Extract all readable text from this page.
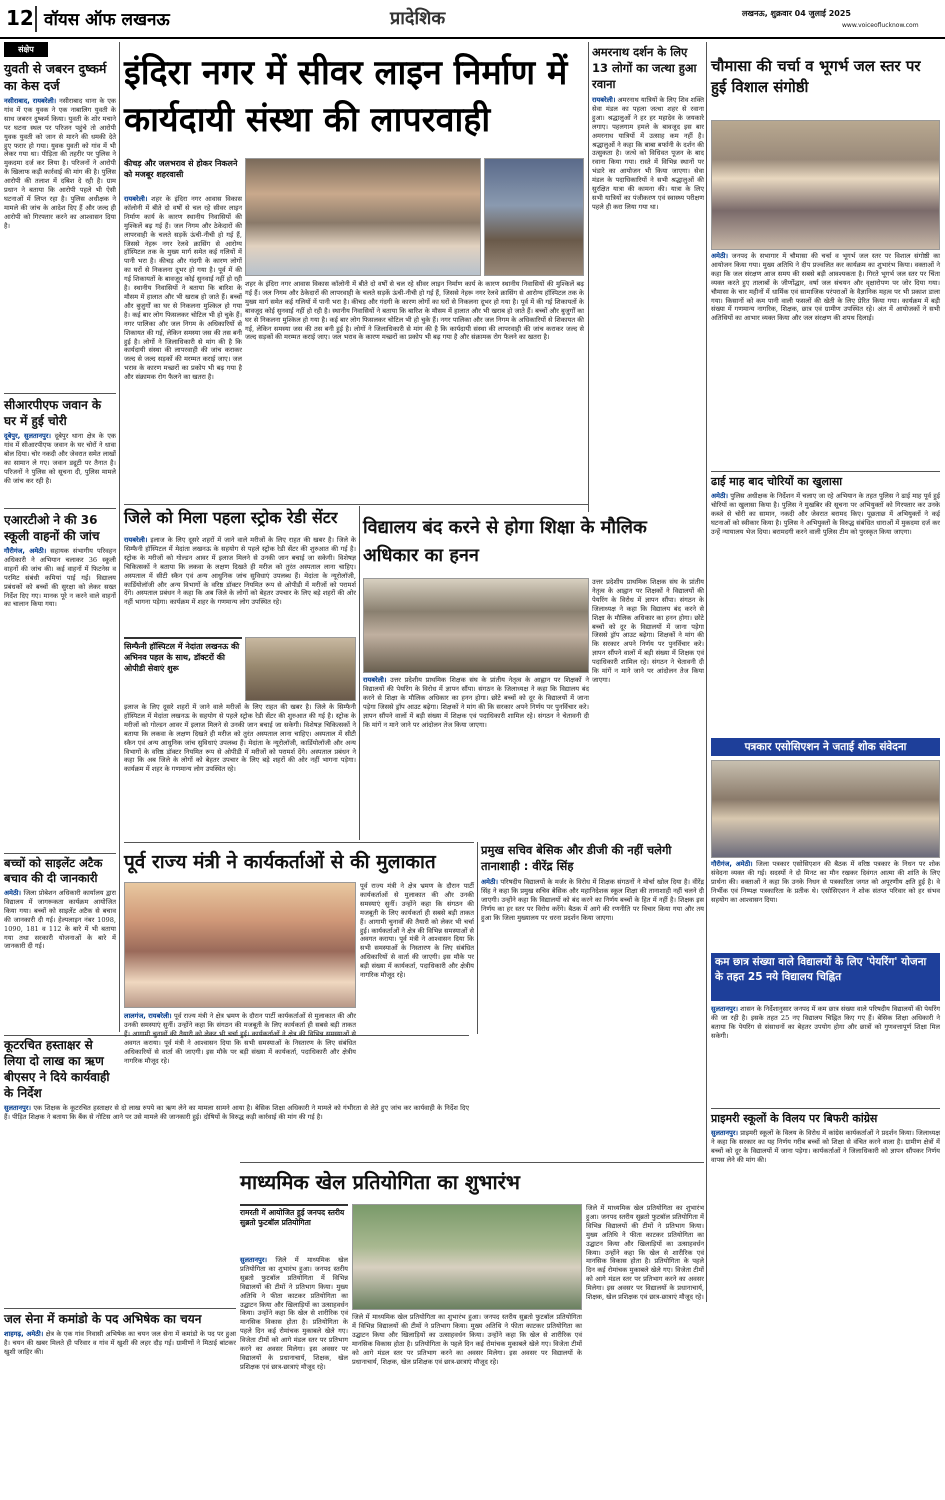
12 वॉयस ऑफ लखनऊ	प्रादेशिक	लखनऊ, शुक्रवार 04 जुलाई 2025
www.voiceoflucknow.com
संक्षेप
युवती से जबरन दुष्कर्म का केस दर्ज
नसीराबाद, रायबरेली। नसीराबाद थाना के एक गांव में एक युवक ने एक नाबालिग युवती के साथ जबरन दुष्कर्म किया। युवती के शोर मचाने पर घटना स्थल पर परिजन पहुंचे तो आरोपी युवक युवती को जान से मारने की धमकी देते हुए फरार हो गया। युवक युवती को गांव में भी लेकर गया था। पीड़िता की तहरीर पर पुलिस ने मुकदमा दर्ज कर लिया है। परिजनों ने आरोपी के खिलाफ कड़ी कार्रवाई की मांग की है। पुलिस आरोपी की तलाश में दबिश दे रही है। ग्राम प्रधान ने बताया कि आरोपी पहले भी ऐसी घटनाओं में लिप्त रहा है। पुलिस अधीक्षक ने मामले की जांच के आदेश दिए हैं और जल्द ही आरोपी को गिरफ्तार करने का आश्वासन दिया है।
सीआरपीएफ जवान के घर में हुई चोरी
दूबेपुर, सुलतानपुर। दूबेपुर थाना क्षेत्र के एक गांव में सीआरपीएफ जवान के घर चोरों ने धावा बोल दिया। चोर नकदी और जेवरात समेत लाखों का सामान ले गए। जवान ड्यूटी पर तैनात है। परिजनों ने पुलिस को सूचना दी, पुलिस मामले की जांच कर रही है।
एआरटीओ ने की 36 स्कूली वाहनों की जांच
गौरीगंज, अमेठी। सहायक संभागीय परिवहन अधिकारी ने अभियान चलाकर 36 स्कूली वाहनों की जांच की। कई वाहनों में फिटनेस व परमिट संबंधी कमियां पाई गईं। विद्यालय प्रबंधकों को बच्चों की सुरक्षा को लेकर सख्त निर्देश दिए गए। मानक पूरे न करने वाले वाहनों का चालान किया गया।
बच्चों को साइलेंट अटैक बचाव की दी जानकारी
अमेठी। जिला प्रोबेशन अधिकारी कार्यालय द्वारा विद्यालय में जागरूकता कार्यक्रम आयोजित किया गया। बच्चों को साइलेंट अटैक से बचाव की जानकारी दी गई। हेल्पलाइन नंबर 1098, 1090, 181 व 112 के बारे में भी बताया गया तथा सरकारी योजनाओं के बारे में जानकारी दी गई।
कूटरचित हस्ताक्षर से लिया दो लाख का ऋण बीएसए ने दिये कार्यवाही के निर्देश
सुलतानपुर। एक शिक्षक के कूटरचित हस्ताक्षर से दो लाख रुपये का ऋण लेने का मामला सामने आया है। बेसिक शिक्षा अधिकारी ने मामले को गंभीरता से लेते हुए जांच कर कार्यवाही के निर्देश दिए हैं। पीड़ित शिक्षक ने बताया कि बैंक से नोटिस आने पर उसे मामले की जानकारी हुई। दोषियों के विरुद्ध कड़ी कार्रवाई की मांग की गई है।
जल सेना में कमांडो के पद अभिषेक का चयन
शाहगढ़, अमेठी। क्षेत्र के एक गांव निवासी अभिषेक का चयन जल सेना में कमांडो के पद पर हुआ है। चयन की खबर मिलते ही परिवार व गांव में खुशी की लहर दौड़ गई। ग्रामीणों ने मिठाई बांटकर खुशी जाहिर की।
इंदिरा नगर में सीवर लाइन निर्माण में कार्यदायी संस्था की लापरवाही
कीचड़ और जलभराव से होकर निकलने को मजबूर शहरवासी
रायबरेली। शहर के इंदिरा नगर आवास विकास कॉलोनी में बीते दो वर्षों से चल रहे सीवर लाइन निर्माण कार्य के कारण स्थानीय निवासियों की मुश्किलें बढ़ गई हैं। जल निगम और ठेकेदारों की लापरवाही के चलते सड़कें ऊंची-नीची हो गई हैं, जिससे नेहरू नगर रेलवे क्रासिंग से आरोग्य हॉस्पिटल तक के मुख्य मार्ग समेत कई गलियों में पानी भरा है। कीचड़ और गंदगी के कारण लोगों का घरों से निकलना दूभर हो गया है। पूर्व में की गई शिकायतों के बावजूद कोई सुनवाई नहीं हो रही है। स्थानीय निवासियों ने बताया कि बारिश के मौसम में हालात और भी खराब हो जाते हैं। बच्चों और बुजुर्गों का घर से निकलना मुश्किल हो गया है। कई बार लोग फिसलकर चोटिल भी हो चुके हैं। नगर पालिका और जल निगम के अधिकारियों से शिकायत की गई, लेकिन समस्या जस की तस बनी हुई है। लोगों ने जिलाधिकारी से मांग की है कि कार्यदायी संस्था की लापरवाही की जांच कराकर जल्द से जल्द सड़कों की मरम्मत कराई जाए। जल भराव के कारण मच्छरों का प्रकोप भी बढ़ गया है और संक्रामक रोग फैलने का खतरा है।
शहर के इंदिरा नगर आवास विकास कॉलोनी में बीते दो वर्षों से चल रहे सीवर लाइन निर्माण कार्य के कारण स्थानीय निवासियों की मुश्किलें बढ़ गई हैं। जल निगम और ठेकेदारों की लापरवाही के चलते सड़कें ऊंची-नीची हो गई हैं, जिससे नेहरू नगर रेलवे क्रासिंग से आरोग्य हॉस्पिटल तक के मुख्य मार्ग समेत कई गलियों में पानी भरा है। कीचड़ और गंदगी के कारण लोगों का घरों से निकलना दूभर हो गया है। पूर्व में की गई शिकायतों के बावजूद कोई सुनवाई नहीं हो रही है। स्थानीय निवासियों ने बताया कि बारिश के मौसम में हालात और भी खराब हो जाते हैं। बच्चों और बुजुर्गों का घर से निकलना मुश्किल हो गया है। कई बार लोग फिसलकर चोटिल भी हो चुके हैं। नगर पालिका और जल निगम के अधिकारियों से शिकायत की गई, लेकिन समस्या जस की तस बनी हुई है। लोगों ने जिलाधिकारी से मांग की है कि कार्यदायी संस्था की लापरवाही की जांच कराकर जल्द से जल्द सड़कों की मरम्मत कराई जाए। जल भराव के कारण मच्छरों का प्रकोप भी बढ़ गया है और संक्रामक रोग फैलने का खतरा है।
अमरनाथ दर्शन के लिए 13 लोगों का जत्था हुआ रवाना
रायबरेली। अमरनाथ यात्रियों के लिए शिव शक्ति सेवा मंडल का पहला जत्था शहर से रवाना हुआ। श्रद्धालुओं ने हर हर महादेव के जयकारे लगाए। पहलगाम हमले के बावजूद इस बार अमरनाथ यात्रियों में उत्साह कम नहीं है। श्रद्धालुओं ने कहा कि बाबा बर्फानी के दर्शन की उत्सुकता है। जत्थे को विधिवत पूजन के बाद रवाना किया गया। रास्ते में विभिन्न स्थानों पर भंडारे का आयोजन भी किया जाएगा। सेवा मंडल के पदाधिकारियों ने सभी श्रद्धालुओं की सुरक्षित यात्रा की कामना की। यात्रा के लिए सभी यात्रियों का पंजीकरण एवं स्वास्थ्य परीक्षण पहले ही करा लिया गया था।
चौमासा की चर्चा व भूगर्भ जल स्तर पर हुई विशाल संगोष्ठी
अमेठी। जनपद के सभागार में चौमासा की चर्चा व भूगर्भ जल स्तर पर विशाल संगोष्ठी का आयोजन किया गया। मुख्य अतिथि ने दीप प्रज्वलित कर कार्यक्रम का शुभारंभ किया। वक्ताओं ने कहा कि जल संरक्षण आज समय की सबसे बड़ी आवश्यकता है। गिरते भूगर्भ जल स्तर पर चिंता व्यक्त करते हुए तालाबों के जीर्णोद्धार, वर्षा जल संचयन और वृक्षारोपण पर जोर दिया गया। चौमासा के चार महीनों में धार्मिक एवं सामाजिक परंपराओं के वैज्ञानिक महत्व पर भी प्रकाश डाला गया। किसानों को कम पानी वाली फसलों की खेती के लिए प्रेरित किया गया। कार्यक्रम में बड़ी संख्या में गणमान्य नागरिक, शिक्षक, छात्र एवं ग्रामीण उपस्थित रहे। अंत में आयोजकों ने सभी अतिथियों का आभार व्यक्त किया और जल संरक्षण की शपथ दिलाई।
ढाई माह बाद चोरियों का खुलासा
अमेठी। पुलिस अधीक्षक के निर्देशन में चलाए जा रहे अभियान के तहत पुलिस ने ढाई माह पूर्व हुई चोरियों का खुलासा किया है। पुलिस ने मुखबिर की सूचना पर अभियुक्तों को गिरफ्तार कर उनके कब्जे से चोरी का सामान, नकदी और जेवरात बरामद किए। पूछताछ में अभियुक्तों ने कई घटनाओं को स्वीकार किया है। पुलिस ने अभियुक्तों के विरुद्ध संबंधित धाराओं में मुकदमा दर्ज कर उन्हें न्यायालय भेज दिया। बरामदगी करने वाली पुलिस टीम को पुरस्कृत किया जाएगा।
पत्रकार एसोसिएशन ने जताई शोक संवेदना
गौरीगंज, अमेठी। जिला पत्रकार एसोसिएशन की बैठक में वरिष्ठ पत्रकार के निधन पर शोक संवेदना व्यक्त की गई। सदस्यों ने दो मिनट का मौन रखकर दिवंगत आत्मा की शांति के लिए प्रार्थना की। वक्ताओं ने कहा कि उनके निधन से पत्रकारिता जगत को अपूरणीय क्षति हुई है। वे निर्भीक एवं निष्पक्ष पत्रकारिता के प्रतीक थे। एसोसिएशन ने शोक संतप्त परिवार को हर संभव सहयोग का आश्वासन दिया।
कम छात्र संख्या वाले विद्यालयों के लिए 'पेयरिंग' योजना के तहत 25 नये विद्यालय चिह्नित
सुलतानपुर। शासन के निर्देशानुसार जनपद में कम छात्र संख्या वाले परिषदीय विद्यालयों की पेयरिंग की जा रही है। इसके तहत 25 नए विद्यालय चिह्नित किए गए हैं। बेसिक शिक्षा अधिकारी ने बताया कि पेयरिंग से संसाधनों का बेहतर उपयोग होगा और छात्रों को गुणवत्तापूर्ण शिक्षा मिल सकेगी।
प्राइमरी स्कूलों के विलय पर बिफरी कांग्रेस
सुलतानपुर। प्राइमरी स्कूलों के विलय के विरोध में कांग्रेस कार्यकर्ताओं ने प्रदर्शन किया। जिलाध्यक्ष ने कहा कि सरकार का यह निर्णय गरीब बच्चों को शिक्षा से वंचित करने वाला है। ग्रामीण क्षेत्रों में बच्चों को दूर के विद्यालयों में जाना पड़ेगा। कार्यकर्ताओं ने जिलाधिकारी को ज्ञापन सौंपकर निर्णय वापस लेने की मांग की।
जिले को मिला पहला स्ट्रोक रेडी सेंटर
रायबरेली। इलाज के लिए दूसरे शहरों में जाने वाले मरीजों के लिए राहत की खबर है। जिले के सिम्फैनी हॉस्पिटल में मेदांता लखनऊ के सहयोग से पहले स्ट्रोक रेडी सेंटर की शुरुआत की गई है। स्ट्रोक के मरीजों को गोल्डन आवर में इलाज मिलने से उनकी जान बचाई जा सकेगी। विशेषज्ञ चिकित्सकों ने बताया कि लकवा के लक्षण दिखते ही मरीज को तुरंत अस्पताल लाना चाहिए। अस्पताल में सीटी स्कैन एवं अन्य आधुनिक जांच सुविधाएं उपलब्ध हैं। मेदांता के न्यूरोलॉजी, कार्डियोलॉजी और अन्य विभागों के वरिष्ठ डॉक्टर नियमित रूप से ओपीडी में मरीजों को परामर्श देंगे। अस्पताल प्रबंधन ने कहा कि अब जिले के लोगों को बेहतर उपचार के लिए बड़े शहरों की ओर नहीं भागना पड़ेगा। कार्यक्रम में शहर के गणमान्य लोग उपस्थित रहे।
सिम्फैनी हॉस्पिटल में नेदांता लखनऊ की अभिनव पहल के साथ, डॉक्टरों की ओपीडी सेवाएं शुरू
इलाज के लिए दूसरे शहरों में जाने वाले मरीजों के लिए राहत की खबर है। जिले के सिम्फैनी हॉस्पिटल में मेदांता लखनऊ के सहयोग से पहले स्ट्रोक रेडी सेंटर की शुरुआत की गई है। स्ट्रोक के मरीजों को गोल्डन आवर में इलाज मिलने से उनकी जान बचाई जा सकेगी। विशेषज्ञ चिकित्सकों ने बताया कि लकवा के लक्षण दिखते ही मरीज को तुरंत अस्पताल लाना चाहिए। अस्पताल में सीटी स्कैन एवं अन्य आधुनिक जांच सुविधाएं उपलब्ध हैं। मेदांता के न्यूरोलॉजी, कार्डियोलॉजी और अन्य विभागों के वरिष्ठ डॉक्टर नियमित रूप से ओपीडी में मरीजों को परामर्श देंगे। अस्पताल प्रबंधन ने कहा कि अब जिले के लोगों को बेहतर उपचार के लिए बड़े शहरों की ओर नहीं भागना पड़ेगा। कार्यक्रम में शहर के गणमान्य लोग उपस्थित रहे।
विद्यालय बंद करने से होगा शिक्षा के मौलिक अधिकार का हनन
रायबरेली। उत्तर प्रदेशीय प्राथमिक शिक्षक संघ के प्रांतीय नेतृत्व के आह्वान पर शिक्षकों ने विद्यालयों की पेयरिंग के विरोध में ज्ञापन सौंपा। संगठन के जिलाध्यक्ष ने कहा कि विद्यालय बंद करने से शिक्षा के मौलिक अधिकार का हनन होगा। छोटे बच्चों को दूर के विद्यालयों में जाना पड़ेगा जिससे ड्रॉप आउट बढ़ेगा। शिक्षकों ने मांग की कि सरकार अपने निर्णय पर पुनर्विचार करे। ज्ञापन सौंपने वालों में बड़ी संख्या में शिक्षक एवं पदाधिकारी शामिल रहे। संगठन ने चेतावनी दी कि मांगें न माने जाने पर आंदोलन तेज किया जाएगा।
उत्तर प्रदेशीय प्राथमिक शिक्षक संघ के प्रांतीय नेतृत्व के आह्वान पर शिक्षकों ने विद्यालयों की पेयरिंग के विरोध में ज्ञापन सौंपा। संगठन के जिलाध्यक्ष ने कहा कि विद्यालय बंद करने से शिक्षा के मौलिक अधिकार का हनन होगा। छोटे बच्चों को दूर के विद्यालयों में जाना पड़ेगा जिससे ड्रॉप आउट बढ़ेगा। शिक्षकों ने मांग की कि सरकार अपने निर्णय पर पुनर्विचार करे। ज्ञापन सौंपने वालों में बड़ी संख्या में शिक्षक एवं पदाधिकारी शामिल रहे। संगठन ने चेतावनी दी कि मांगें न माने जाने पर आंदोलन तेज किया जाएगा।
पूर्व राज्य मंत्री ने कार्यकर्ताओं से की मुलाकात
लालगंज, रायबरेली। पूर्व राज्य मंत्री ने क्षेत्र भ्रमण के दौरान पार्टी कार्यकर्ताओं से मुलाकात की और उनकी समस्याएं सुनीं। उन्होंने कहा कि संगठन की मजबूती के लिए कार्यकर्ता ही सबसे बड़ी ताकत हैं। आगामी चुनावों की तैयारी को लेकर भी चर्चा हुई। कार्यकर्ताओं ने क्षेत्र की विभिन्न समस्याओं से अवगत कराया। पूर्व मंत्री ने आश्वासन दिया कि सभी समस्याओं के निस्तारण के लिए संबंधित अधिकारियों से वार्ता की जाएगी। इस मौके पर बड़ी संख्या में कार्यकर्ता, पदाधिकारी और क्षेत्रीय नागरिक मौजूद रहे।
पूर्व राज्य मंत्री ने क्षेत्र भ्रमण के दौरान पार्टी कार्यकर्ताओं से मुलाकात की और उनकी समस्याएं सुनीं। उन्होंने कहा कि संगठन की मजबूती के लिए कार्यकर्ता ही सबसे बड़ी ताकत हैं। आगामी चुनावों की तैयारी को लेकर भी चर्चा हुई। कार्यकर्ताओं ने क्षेत्र की विभिन्न समस्याओं से अवगत कराया। पूर्व मंत्री ने आश्वासन दिया कि सभी समस्याओं के निस्तारण के लिए संबंधित अधिकारियों से वार्ता की जाएगी। इस मौके पर बड़ी संख्या में कार्यकर्ता, पदाधिकारी और क्षेत्रीय नागरिक मौजूद रहे।
प्रमुख सचिव बेसिक और डीजी की नहीं चलेगी तानाशाही : वीरेंद्र सिंह
अमेठी। परिषदीय विद्यालयों के मर्जर के विरोध में शिक्षक संगठनों ने मोर्चा खोल दिया है। वीरेंद्र सिंह ने कहा कि प्रमुख सचिव बेसिक और महानिदेशक स्कूल शिक्षा की तानाशाही नहीं चलने दी जाएगी। उन्होंने कहा कि विद्यालयों को बंद करने का निर्णय बच्चों के हित में नहीं है। शिक्षक इस निर्णय का हर स्तर पर विरोध करेंगे। बैठक में आगे की रणनीति पर विचार किया गया और तय हुआ कि जिला मुख्यालय पर धरना प्रदर्शन किया जाएगा।
माध्यमिक खेल प्रतियोगिता का शुभारंभ
रामरती में आयोजित हुई जनपद स्तरीय सुब्रतो फुटबॉल प्रतियोगिता
सुलतानपुर। जिले में माध्यमिक खेल प्रतियोगिता का शुभारंभ हुआ। जनपद स्तरीय सुब्रतो फुटबॉल प्रतियोगिता में विभिन्न विद्यालयों की टीमों ने प्रतिभाग किया। मुख्य अतिथि ने फीता काटकर प्रतियोगिता का उद्घाटन किया और खिलाड़ियों का उत्साहवर्धन किया। उन्होंने कहा कि खेल से शारीरिक एवं मानसिक विकास होता है। प्रतियोगिता के पहले दिन कई रोमांचक मुकाबले खेले गए। विजेता टीमों को आगे मंडल स्तर पर प्रतिभाग करने का अवसर मिलेगा। इस अवसर पर विद्यालयों के प्रधानाचार्य, शिक्षक, खेल प्रशिक्षक एवं छात्र-छात्राएं मौजूद रहे।
जिले में माध्यमिक खेल प्रतियोगिता का शुभारंभ हुआ। जनपद स्तरीय सुब्रतो फुटबॉल प्रतियोगिता में विभिन्न विद्यालयों की टीमों ने प्रतिभाग किया। मुख्य अतिथि ने फीता काटकर प्रतियोगिता का उद्घाटन किया और खिलाड़ियों का उत्साहवर्धन किया। उन्होंने कहा कि खेल से शारीरिक एवं मानसिक विकास होता है। प्रतियोगिता के पहले दिन कई रोमांचक मुकाबले खेले गए। विजेता टीमों को आगे मंडल स्तर पर प्रतिभाग करने का अवसर मिलेगा। इस अवसर पर विद्यालयों के प्रधानाचार्य, शिक्षक, खेल प्रशिक्षक एवं छात्र-छात्राएं मौजूद रहे।
जिले में माध्यमिक खेल प्रतियोगिता का शुभारंभ हुआ। जनपद स्तरीय सुब्रतो फुटबॉल प्रतियोगिता में विभिन्न विद्यालयों की टीमों ने प्रतिभाग किया। मुख्य अतिथि ने फीता काटकर प्रतियोगिता का उद्घाटन किया और खिलाड़ियों का उत्साहवर्धन किया। उन्होंने कहा कि खेल से शारीरिक एवं मानसिक विकास होता है। प्रतियोगिता के पहले दिन कई रोमांचक मुकाबले खेले गए। विजेता टीमों को आगे मंडल स्तर पर प्रतिभाग करने का अवसर मिलेगा। इस अवसर पर विद्यालयों के प्रधानाचार्य, शिक्षक, खेल प्रशिक्षक एवं छात्र-छात्राएं मौजूद रहे।
